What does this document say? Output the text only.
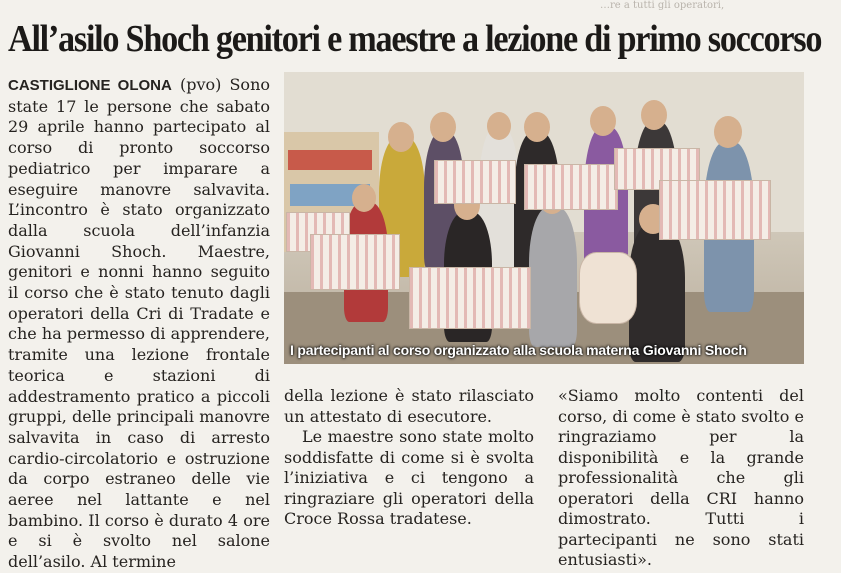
…re a tutti gli operatori,
All’asilo Shoch genitori e maestre a lezione di primo soccorso

CASTIGLIONE OLONA (pvo) Sono state 17 le persone che sabato 29 aprile hanno partecipato al corso di pronto soccorso pediatrico per imparare a eseguire manovre salvavita. L’incontro è stato organizzato dalla scuola dell’infanzia Giovanni Shoch. Maestre, genitori e nonni hanno seguito il corso che è stato tenuto dagli operatori della Cri di Tradate e che ha permesso di apprendere, tramite una lezione frontale teorica e stazioni di addestramento pratico a piccoli gruppi, delle principali manovre salvavita in caso di arresto cardio-circolatorio e ostruzione da corpo estraneo delle vie aeree nel lattante e nel bambino. Il corso è durato 4 ore e si è svolto nel salone dell’asilo. Al termine

I partecipanti al corso organizzato alla scuola materna Giovanni Shoch

della lezione è stato rilasciato un attestato di esecutore.

Le maestre sono state molto soddisfatte di come si è svolta l’iniziativa e ci tengono a ringraziare gli operatori della Croce Rossa tradatese.

«Siamo molto contenti del corso, di come è stato svolto e ringraziamo per la disponibilità e la grande professionalità che gli operatori della CRI hanno dimostrato. Tutti i partecipanti ne sono stati entusiasti».
